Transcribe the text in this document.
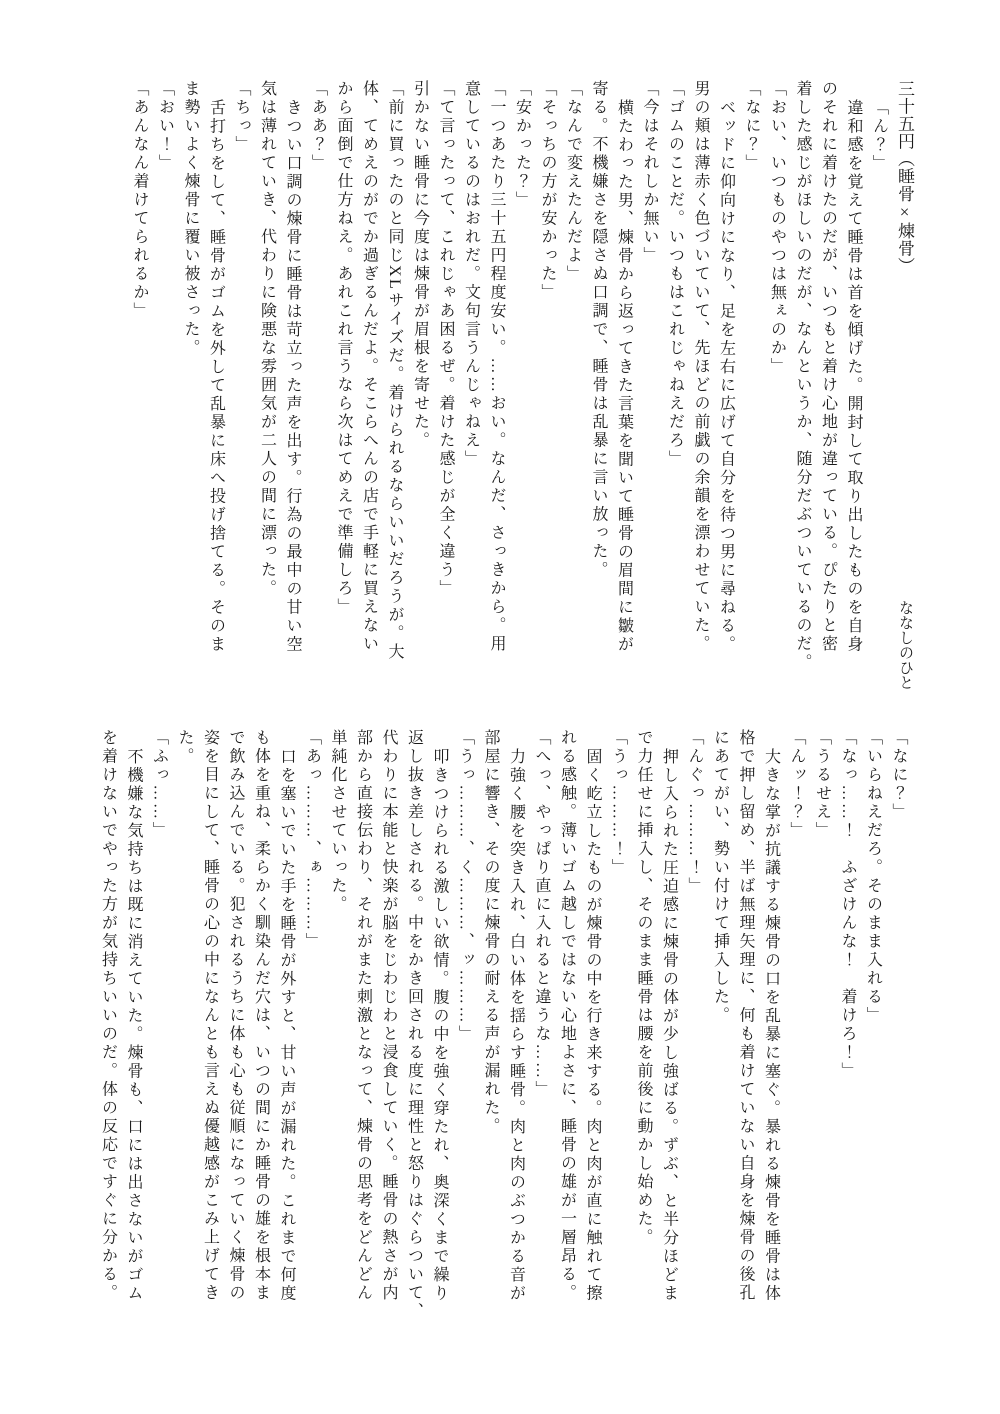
三十五円（睡骨×煉骨）
ななしのひと

「ん？」

違和感を覚えて睡骨は首を傾げた。開封して取り出したものを自身

のそれに着けたのだが、いつもと着け心地が違っている。ぴたりと密

着した感じがほしいのだが、なんというか、随分だぶついているのだ。

「おい、いつものやつは無ぇのか」

「なに？」

ベッドに仰向けになり、足を左右に広げて自分を待つ男に尋ねる。

男の頬は薄赤く色づいていて、先ほどの前戯の余韻を漂わせていた。

「ゴムのことだ。いつもはこれじゃねえだろ」

「今はそれしか無い」

横たわった男、煉骨から返ってきた言葉を聞いて睡骨の眉間に皺が

寄る。不機嫌さを隠さぬ口調で、睡骨は乱暴に言い放った。

「なんで変えたんだよ」

「そっちの方が安かった」

「安かった？」

「一つあたり三十五円程度安い。……おい。なんだ、さっきから。用

意しているのはおれだ。文句言うんじゃねえ」

「て言ったって、これじゃあ困るぜ。着けた感じが全く違う」

引かない睡骨に今度は煉骨が眉根を寄せた。

「前に買ったのと同じXLサイズだ。着けられるならいいだろうが。大

体、てめえのがでか過ぎるんだよ。そこらへんの店で手軽に買えない

から面倒で仕方ねえ。あれこれ言うなら次はてめえで準備しろ」

「ああ？」

きつい口調の煉骨に睡骨は苛立った声を出す。行為の最中の甘い空

気は薄れていき、代わりに険悪な雰囲気が二人の間に漂った。

「ちっ」

舌打ちをして、睡骨がゴムを外して乱暴に床へ投げ捨てる。そのま

ま勢いよく煉骨に覆い被さった。

「おい！」

「あんなん着けてられるか」

「なに？」

「いらねえだろ。そのまま入れる」

「なっ……！　ふざけんな！　着けろ！」

「うるせえ」

「んッ！？」

大きな掌が抗議する煉骨の口を乱暴に塞ぐ。暴れる煉骨を睡骨は体

格で押し留め、半ば無理矢理に、何も着けていない自身を煉骨の後孔

にあてがい、勢い付けて挿入した。

「んぐっ………！」

押し入られた圧迫感に煉骨の体が少し強ばる。ずぶ、と半分ほどま

で力任せに挿入し、そのまま睡骨は腰を前後に動かし始めた。

「うっ………！」

固く屹立したものが煉骨の中を行き来する。肉と肉が直に触れて擦

れる感触。薄いゴム越しではない心地よさに、睡骨の雄が一層昂る。

「へっ、やっぱり直に入れると違うな……」

力強く腰を突き入れ、白い体を揺らす睡骨。肉と肉のぶつかる音が

部屋に響き、その度に煉骨の耐える声が漏れた。

「うっ………、く………、ッ………」

叩きつけられる激しい欲情。腹の中を強く穿たれ、奥深くまで繰り

返し抜き差しされる。中をかき回される度に理性と怒りはぐらついて、

代わりに本能と快楽が脳をじわじわと浸食していく。睡骨の熱さが内

部から直接伝わり、それがまた刺激となって、煉骨の思考をどんどん

単純化させていった。

「あっ………、ぁ………」

口を塞いでいた手を睡骨が外すと、甘い声が漏れた。これまで何度

も体を重ね、柔らかく馴染んだ穴は、いつの間にか睡骨の雄を根本ま

で飲み込んでいる。犯されるうちに体も心も従順になっていく煉骨の

姿を目にして、睡骨の心の中になんとも言えぬ優越感がこみ上げてき

た。

「ふっ……」

不機嫌な気持ちは既に消えていた。煉骨も、口には出さないがゴム

を着けないでやった方が気持ちいいのだ。体の反応ですぐに分かる。
